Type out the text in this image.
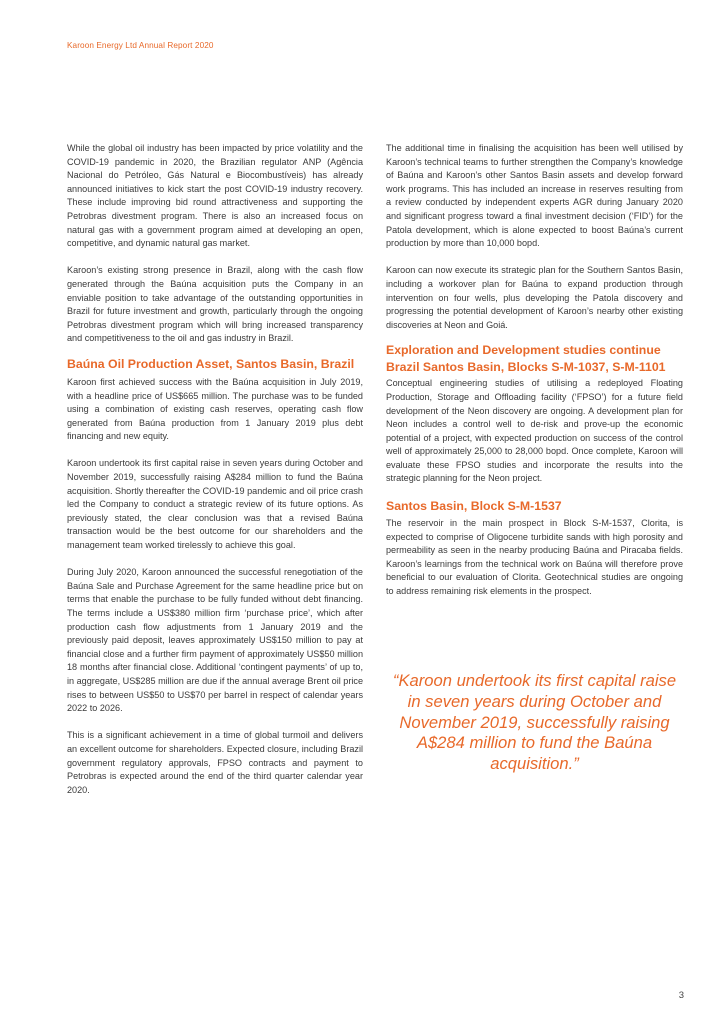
Karoon Energy Ltd Annual Report 2020

While the global oil industry has been impacted by price volatility and the COVID-19 pandemic in 2020, the Brazilian regulator ANP (Agência Nacional do Petróleo, Gás Natural e Biocombustíveis) has already announced initiatives to kick start the post COVID-19 industry recovery. These include improving bid round attractiveness and supporting the Petrobras divestment program. There is also an increased focus on natural gas with a government program aimed at developing an open, competitive, and dynamic natural gas market.

Karoon’s existing strong presence in Brazil, along with the cash flow generated through the Baúna acquisition puts the Company in an enviable position to take advantage of the outstanding opportunities in Brazil for future investment and growth, particularly through the ongoing Petrobras divestment program which will bring increased transparency and competitiveness to the oil and gas industry in Brazil.

Baúna Oil Production Asset, Santos Basin, Brazil

Karoon first achieved success with the Baúna acquisition in July 2019, with a headline price of US$665 million. The purchase was to be funded using a combination of existing cash reserves, operating cash flow generated from Baúna production from 1 January 2019 plus debt financing and new equity.

Karoon undertook its first capital raise in seven years during October and November 2019, successfully raising A$284 million to fund the Baúna acquisition. Shortly thereafter the COVID-19 pandemic and oil price crash led the Company to conduct a strategic review of its future options. As previously stated, the clear conclusion was that a revised Baúna transaction would be the best outcome for our shareholders and the management team worked tirelessly to achieve this goal.

During July 2020, Karoon announced the successful renegotiation of the Baúna Sale and Purchase Agreement for the same headline price but on terms that enable the purchase to be fully funded without debt financing. The terms include a US$380 million firm ‘purchase price’, which after production cash flow adjustments from 1 January 2019 and the previously paid deposit, leaves approximately US$150 million to pay at financial close and a further firm payment of approximately US$50 million 18 months after financial close. Additional ‘contingent payments’ of up to, in aggregate, US$285 million are due if the annual average Brent oil price rises to between US$50 to US$70 per barrel in respect of calendar years 2022 to 2026.

This is a significant achievement in a time of global turmoil and delivers an excellent outcome for shareholders. Expected closure, including Brazil government regulatory approvals, FPSO contracts and payment to Petrobras is expected around the end of the third quarter calendar year 2020.

The additional time in finalising the acquisition has been well utilised by Karoon’s technical teams to further strengthen the Company’s knowledge of Baúna and Karoon’s other Santos Basin assets and develop forward work programs. This has included an increase in reserves resulting from a review conducted by independent experts AGR during January 2020 and significant progress toward a final investment decision (‘FID’) for the Patola development, which is alone expected to boost Baúna’s current production by more than 10,000 bopd.

Karoon can now execute its strategic plan for the Southern Santos Basin, including a workover plan for Baúna to expand production through intervention on four wells, plus developing the Patola discovery and progressing the potential development of Karoon’s nearby other existing discoveries at Neon and Goiá.

Exploration and Development studies continue
Brazil Santos Basin, Blocks S-M-1037, S-M-1101

Conceptual engineering studies of utilising a redeployed Floating Production, Storage and Offloading facility (‘FPSO’) for a future field development of the Neon discovery are ongoing. A development plan for Neon includes a control well to de-risk and prove-up the economic potential of a project, with expected production on success of the control well of approximately 25,000 to 28,000 bopd. Once complete, Karoon will evaluate these FPSO studies and incorporate the results into the strategic planning for the Neon project.

Santos Basin, Block S-M-1537

The reservoir in the main prospect in Block S-M-1537, Clorita, is expected to comprise of Oligocene turbidite sands with high porosity and permeability as seen in the nearby producing Baúna and Piracaba fields. Karoon’s learnings from the technical work on Baúna will therefore prove beneficial to our evaluation of Clorita. Geotechnical studies are ongoing to address remaining risk elements in the prospect.

“Karoon undertook its first capital raise in seven years during October and November 2019, successfully raising A$284 million to fund the Baúna acquisition.”

3
